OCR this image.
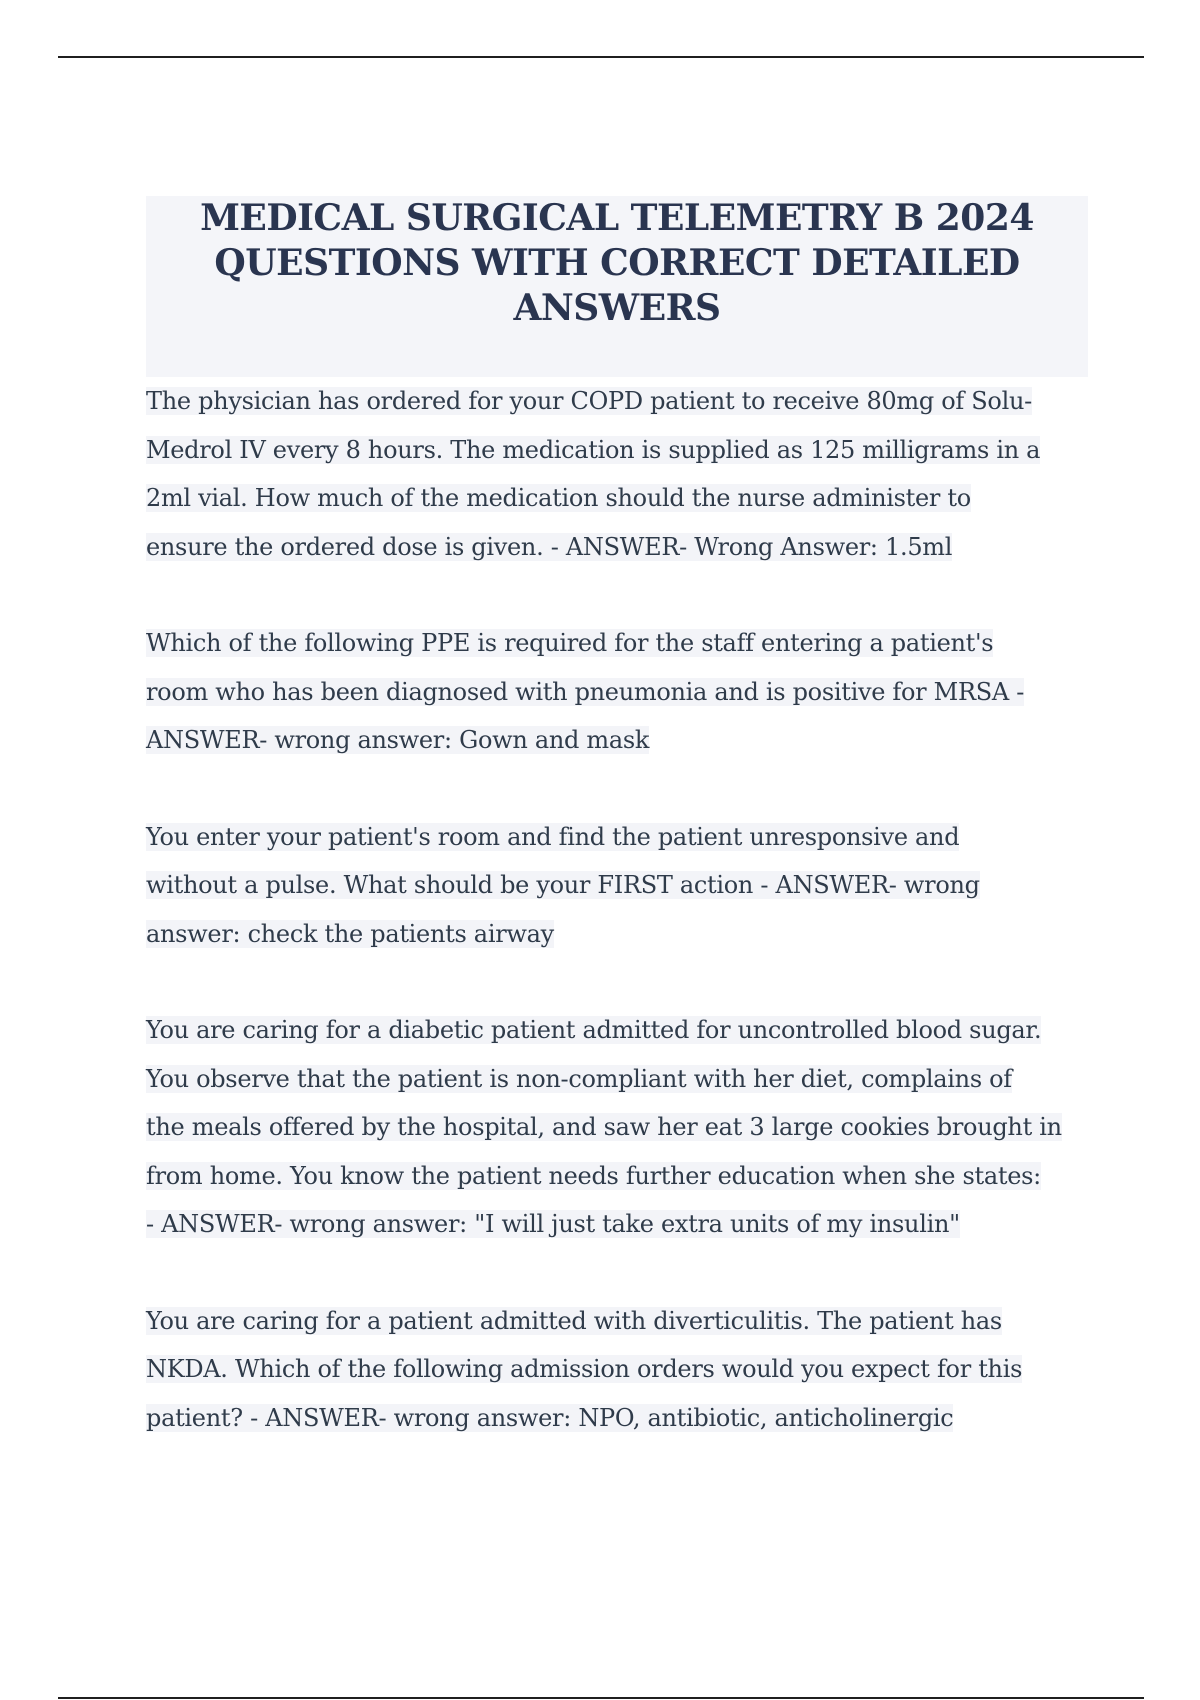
MEDICAL SURGICAL TELEMETRY B 2024
QUESTIONS WITH CORRECT DETAILED
ANSWERS
The physician has ordered for your COPD patient to receive 80mg of Solu-
Medrol IV every 8 hours. The medication is supplied as 125 milligrams in a
2ml vial. How much of the medication should the nurse administer to
ensure the ordered dose is given. - ANSWER- Wrong Answer: 1.5ml
Which of the following PPE is required for the staff entering a patient's
room who has been diagnosed with pneumonia and is positive for MRSA -
ANSWER- wrong answer: Gown and mask
You enter your patient's room and find the patient unresponsive and
without a pulse. What should be your FIRST action - ANSWER- wrong
answer: check the patients airway
You are caring for a diabetic patient admitted for uncontrolled blood sugar.
You observe that the patient is non-compliant with her diet, complains of
the meals offered by the hospital, and saw her eat 3 large cookies brought in
from home. You know the patient needs further education when she states:
- ANSWER- wrong answer: "I will just take extra units of my insulin"
You are caring for a patient admitted with diverticulitis. The patient has
NKDA. Which of the following admission orders would you expect for this
patient? - ANSWER- wrong answer: NPO, antibiotic, anticholinergic
